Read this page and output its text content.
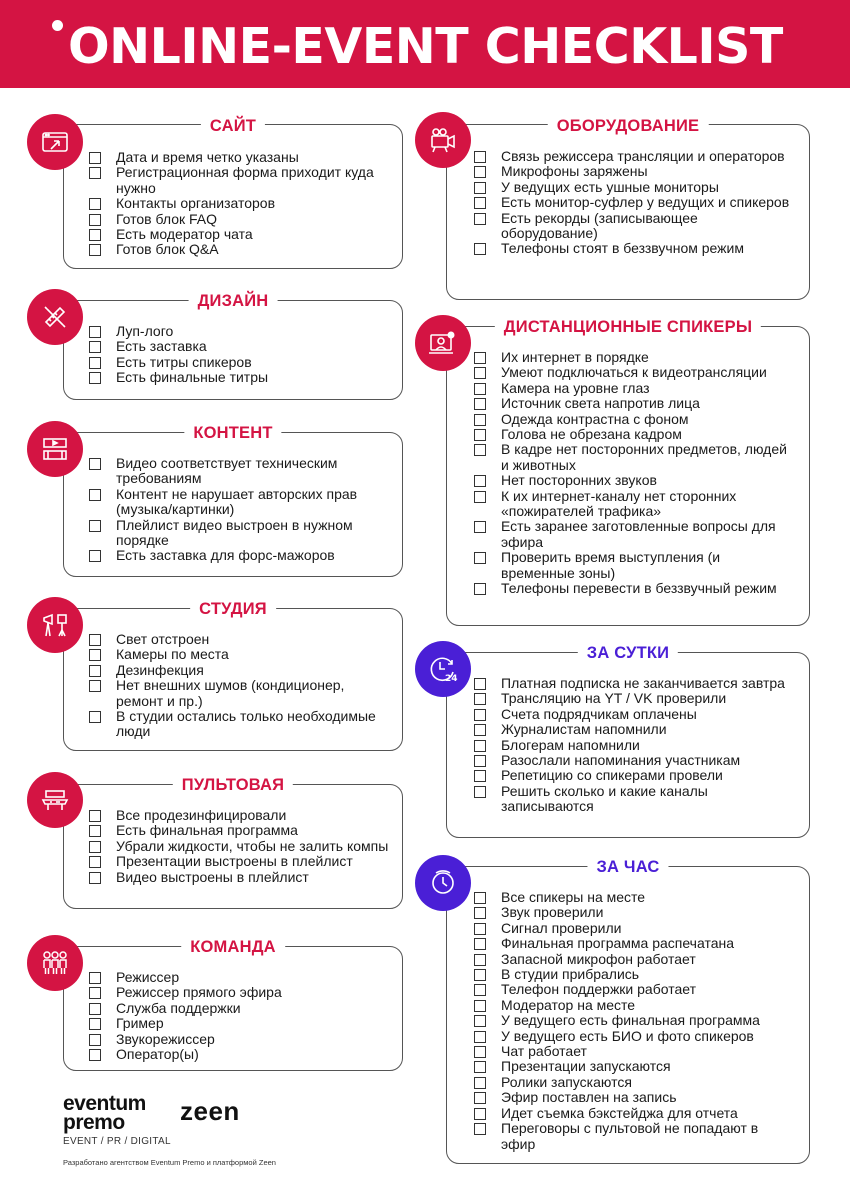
ONLINE-EVENT CHECKLIST
САЙТ
Дата и время четко указаны
Регистрационная форма приходит куда нужно
Контакты организаторов
Готов блок FAQ
Есть модератор чата
Готов блок Q&A
ДИЗАЙН
Луп-лого
Есть заставка
Есть титры спикеров
Есть финальные титры
КОНТЕНТ
Видео соответствует техническим требованиям
Контент не нарушает авторских прав (музыка/картинки)
Плейлист видео выстроен в нужном порядке
Есть заставка для форс-мажоров
СТУДИЯ
Свет отстроен
Камеры по места
Дезинфекция
Нет внешних шумов (кондиционер, ремонт и пр.)
В студии остались только необходимые люди
ПУЛЬТОВАЯ
Все продезинфицировали
Есть финальная программа
Убрали жидкости, чтобы не залить компы
Презентации выстроены в плейлист
Видео выстроены в плейлист
КОМАНДА
Режиссер
Режиссер прямого эфира
Служба поддержки
Гример
Звукорежиссер
Оператор(ы)
ОБОРУДОВАНИЕ
Связь режиссера трансляции и операторов
Микрофоны заряжены
У ведущих есть ушные мониторы
Есть монитор-суфлер у ведущих и спикеров
Есть рекорды (записывающее оборудование)
Телефоны стоят в беззвучном режим
ДИСТАНЦИОННЫЕ СПИКЕРЫ
Их интернет в порядке
Умеют подключаться к видеотрансляции
Камера на уровне глаз
Источник света напротив лица
Одежда контрастна с фоном
Голова не обрезана кадром
В кадре нет посторонних предметов, людей и животных
Нет посторонних звуков
К их интернет-каналу нет сторонних «пожирателей трафика»
Есть заранее заготовленные вопросы для эфира
Проверить время выступления (и временные зоны)
Телефоны перевести в беззвучный режим
ЗА СУТКИ
24	Платная подписка не заканчивается завтра
Трансляцию на YT / VK проверили
Счета подрядчикам оплачены
Журналистам напомнили
Блогерам напомнили
Разослали напоминания участникам
Репетицию со спикерами провели
Решить сколько и какие каналы записываются
ЗА ЧАС
Все спикеры на месте
Звук проверили
Сигнал проверили
Финальная программа распечатана
Запасной микрофон работает
В студии прибрались
Телефон поддержки работает
Модератор на месте
У ведущего есть финальная программа
У ведущего есть БИО и фото спикеров
Чат работает
Презентации запускаются
Ролики запускаются
Эфир поставлен на запись
Идет съемка бэкстейджа для отчета
Переговоры с пультовой не попадают в эфир
eventum
premo	zeen
EVENT / PR / DIGITAL
Разработано агентством Eventum Premo и платформой Zeen
